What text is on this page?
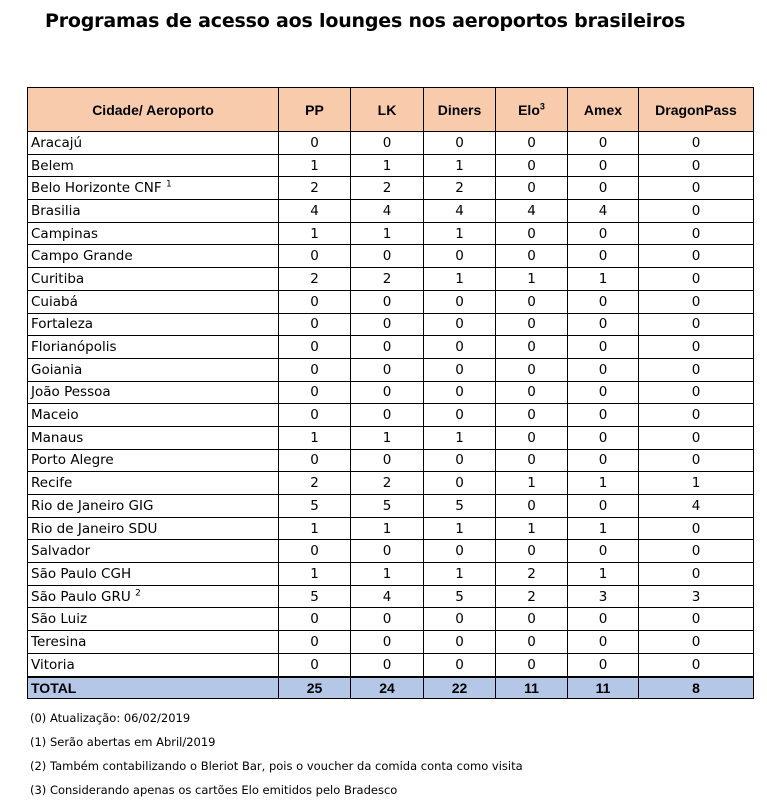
Programas de acesso aos lounges nos aeroportos brasileiros
Cidade/ Aeroporto	PP	LK	Diners	Elo$^3$	Amex	DragonPass
Aracajú	0	0	0	0	0	0
Belem	1	1	1	0	0	0
Belo Horizonte CNF $^1$	2	2	2	0	0	0
Brasilia	4	4	4	4	4	0
Campinas	1	1	1	0	0	0
Campo Grande	0	0	0	0	0	0
Curitiba	2	2	1	1	1	0
Cuiabá	0	0	0	0	0	0
Fortaleza	0	0	0	0	0	0
Florianópolis	0	0	0	0	0	0
Goiania	0	0	0	0	0	0
João Pessoa	0	0	0	0	0	0
Maceio	0	0	0	0	0	0
Manaus	1	1	1	0	0	0
Porto Alegre	0	0	0	0	0	0
Recife	2	2	0	1	1	1
Rio de Janeiro GIG	5	5	5	0	0	4
Rio de Janeiro SDU	1	1	1	1	1	0
Salvador	0	0	0	0	0	0
São Paulo CGH	1	1	1	2	1	0
São Paulo GRU $^2$	5	4	5	2	3	3
São Luiz	0	0	0	0	0	0
Teresina	0	0	0	0	0	0
Vitoria	0	0	0	0	0	0
TOTAL	25	24	22	11	11	8
(0) Atualização: 06/02/2019
(1) Serão abertas em Abril/2019
(2) Também contabilizando o Bleriot Bar, pois o voucher da comida conta como visita
(3) Considerando apenas os cartões Elo emitidos pelo Bradesco
